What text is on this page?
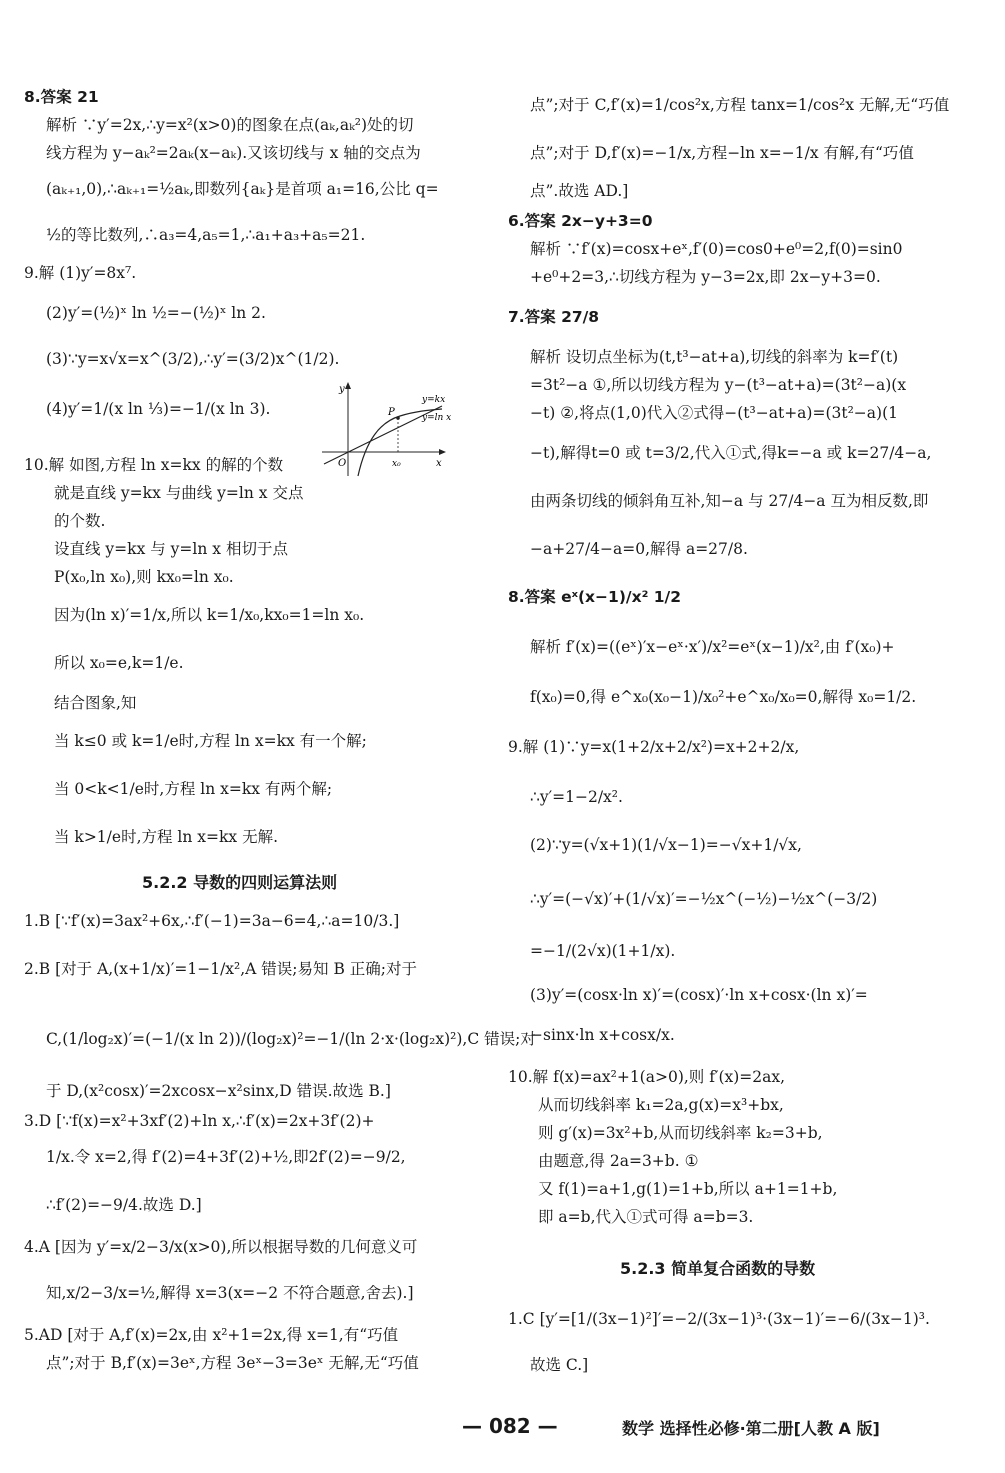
8.答案 21
解析 ∵y′=2x,∴y=x²(x>0)的图象在点(aₖ,aₖ²)处的切
线方程为 y−aₖ²=2aₖ(x−aₖ).又该切线与 x 轴的交点为
(aₖ₊₁,0),∴aₖ₊₁=½aₖ,即数列{aₖ}是首项 a₁=16,公比 q=
½的等比数列,∴a₃=4,a₅=1,∴a₁+a₃+a₅=21.
9.解 (1)y′=8x⁷.
(2)y′=(½)ˣ ln ½=−(½)ˣ ln 2.
(3)∵y=x√x=x^(3/2),∴y′=(3/2)x^(1/2).
(4)y′=1/(x ln ⅓)=−1/(x ln 3).
10.解 如图,方程 ln x=kx 的解的个数
就是直线 y=kx 与曲线 y=ln x 交点
的个数.
设直线 y=kx 与 y=ln x 相切于点
P(x₀,ln x₀),则 kx₀=ln x₀.
因为(ln x)′=1/x,所以 k=1/x₀,kx₀=1=ln x₀.
所以 x₀=e,k=1/e.
结合图象,知
当 k≤0 或 k=1/e时,方程 ln x=kx 有一个解;
当 0<k<1/e时,方程 ln x=kx 有两个解;
当 k>1/e时,方程 ln x=kx 无解.
5.2.2 导数的四则运算法则
1.B [∵f′(x)=3ax²+6x,∴f′(−1)=3a−6=4,∴a=10/3.]
2.B [对于 A,(x+1/x)′=1−1/x²,A 错误;易知 B 正确;对于
C,(1/log₂x)′=(−1/(x ln 2))/(log₂x)²=−1/(ln 2·x·(log₂x)²),C 错误;对
于 D,(x²cosx)′=2xcosx−x²sinx,D 错误.故选 B.]
3.D [∵f(x)=x²+3xf′(2)+ln x,∴f′(x)=2x+3f′(2)+
1/x.令 x=2,得 f′(2)=4+3f′(2)+½,即2f′(2)=−9/2,
∴f′(2)=−9/4.故选 D.]
4.A [因为 y′=x/2−3/x(x>0),所以根据导数的几何意义可
知,x/2−3/x=½,解得 x=3(x=−2 不符合题意,舍去).]
5.AD [对于 A,f′(x)=2x,由 x²+1=2x,得 x=1,有“巧值
点”;对于 B,f′(x)=3eˣ,方程 3eˣ−3=3eˣ 无解,无“巧值
点”;对于 C,f′(x)=1/cos²x,方程 tanx=1/cos²x 无解,无“巧值
点”;对于 D,f′(x)=−1/x,方程−ln x=−1/x 有解,有“巧值
点”.故选 AD.]
6.答案 2x−y+3=0
解析 ∵f′(x)=cosx+eˣ,f′(0)=cos0+e⁰=2,f(0)=sin0
+e⁰+2=3,∴切线方程为 y−3=2x,即 2x−y+3=0.
7.答案 27/8
解析 设切点坐标为(t,t³−at+a),切线的斜率为 k=f′(t)
=3t²−a ①,所以切线方程为 y−(t³−at+a)=(3t²−a)(x
−t) ②,将点(1,0)代入②式得−(t³−at+a)=(3t²−a)(1
−t),解得t=0 或 t=3/2,代入①式,得k=−a 或 k=27/4−a,
由两条切线的倾斜角互补,知−a 与 27/4−a 互为相反数,即
−a+27/4−a=0,解得 a=27/8.
8.答案 eˣ(x−1)/x² 1/2
解析 f′(x)=((eˣ)′x−eˣ·x′)/x²=eˣ(x−1)/x²,由 f′(x₀)+
f(x₀)=0,得 e^x₀(x₀−1)/x₀²+e^x₀/x₀=0,解得 x₀=1/2.
9.解 (1)∵y=x(1+2/x+2/x²)=x+2+2/x,
∴y′=1−2/x².
(2)∵y=(√x+1)(1/√x−1)=−√x+1/√x,
∴y′=(−√x)′+(1/√x)′=−½x^(−½)−½x^(−3/2)
=−1/(2√x)(1+1/x).
(3)y′=(cosx·ln x)′=(cosx)′·ln x+cosx·(ln x)′=
−sinx·ln x+cosx/x.
10.解 f(x)=ax²+1(a>0),则 f′(x)=2ax,
从而切线斜率 k₁=2a,g(x)=x³+bx,
则 g′(x)=3x²+b,从而切线斜率 k₂=3+b,
由题意,得 2a=3+b. ①
又 f(1)=a+1,g(1)=1+b,所以 a+1=1+b,
即 a=b,代入①式可得 a=b=3.
5.2.3 简单复合函数的导数
1.C [y′=[1/(3x−1)²]′=−2/(3x−1)³·(3x−1)′=−6/(3x−1)³.
故选 C.]
y
x
O
P
x₀
y=kx
y=ln x
— 082 —	数学 选择性必修·第二册[人教 A 版]
